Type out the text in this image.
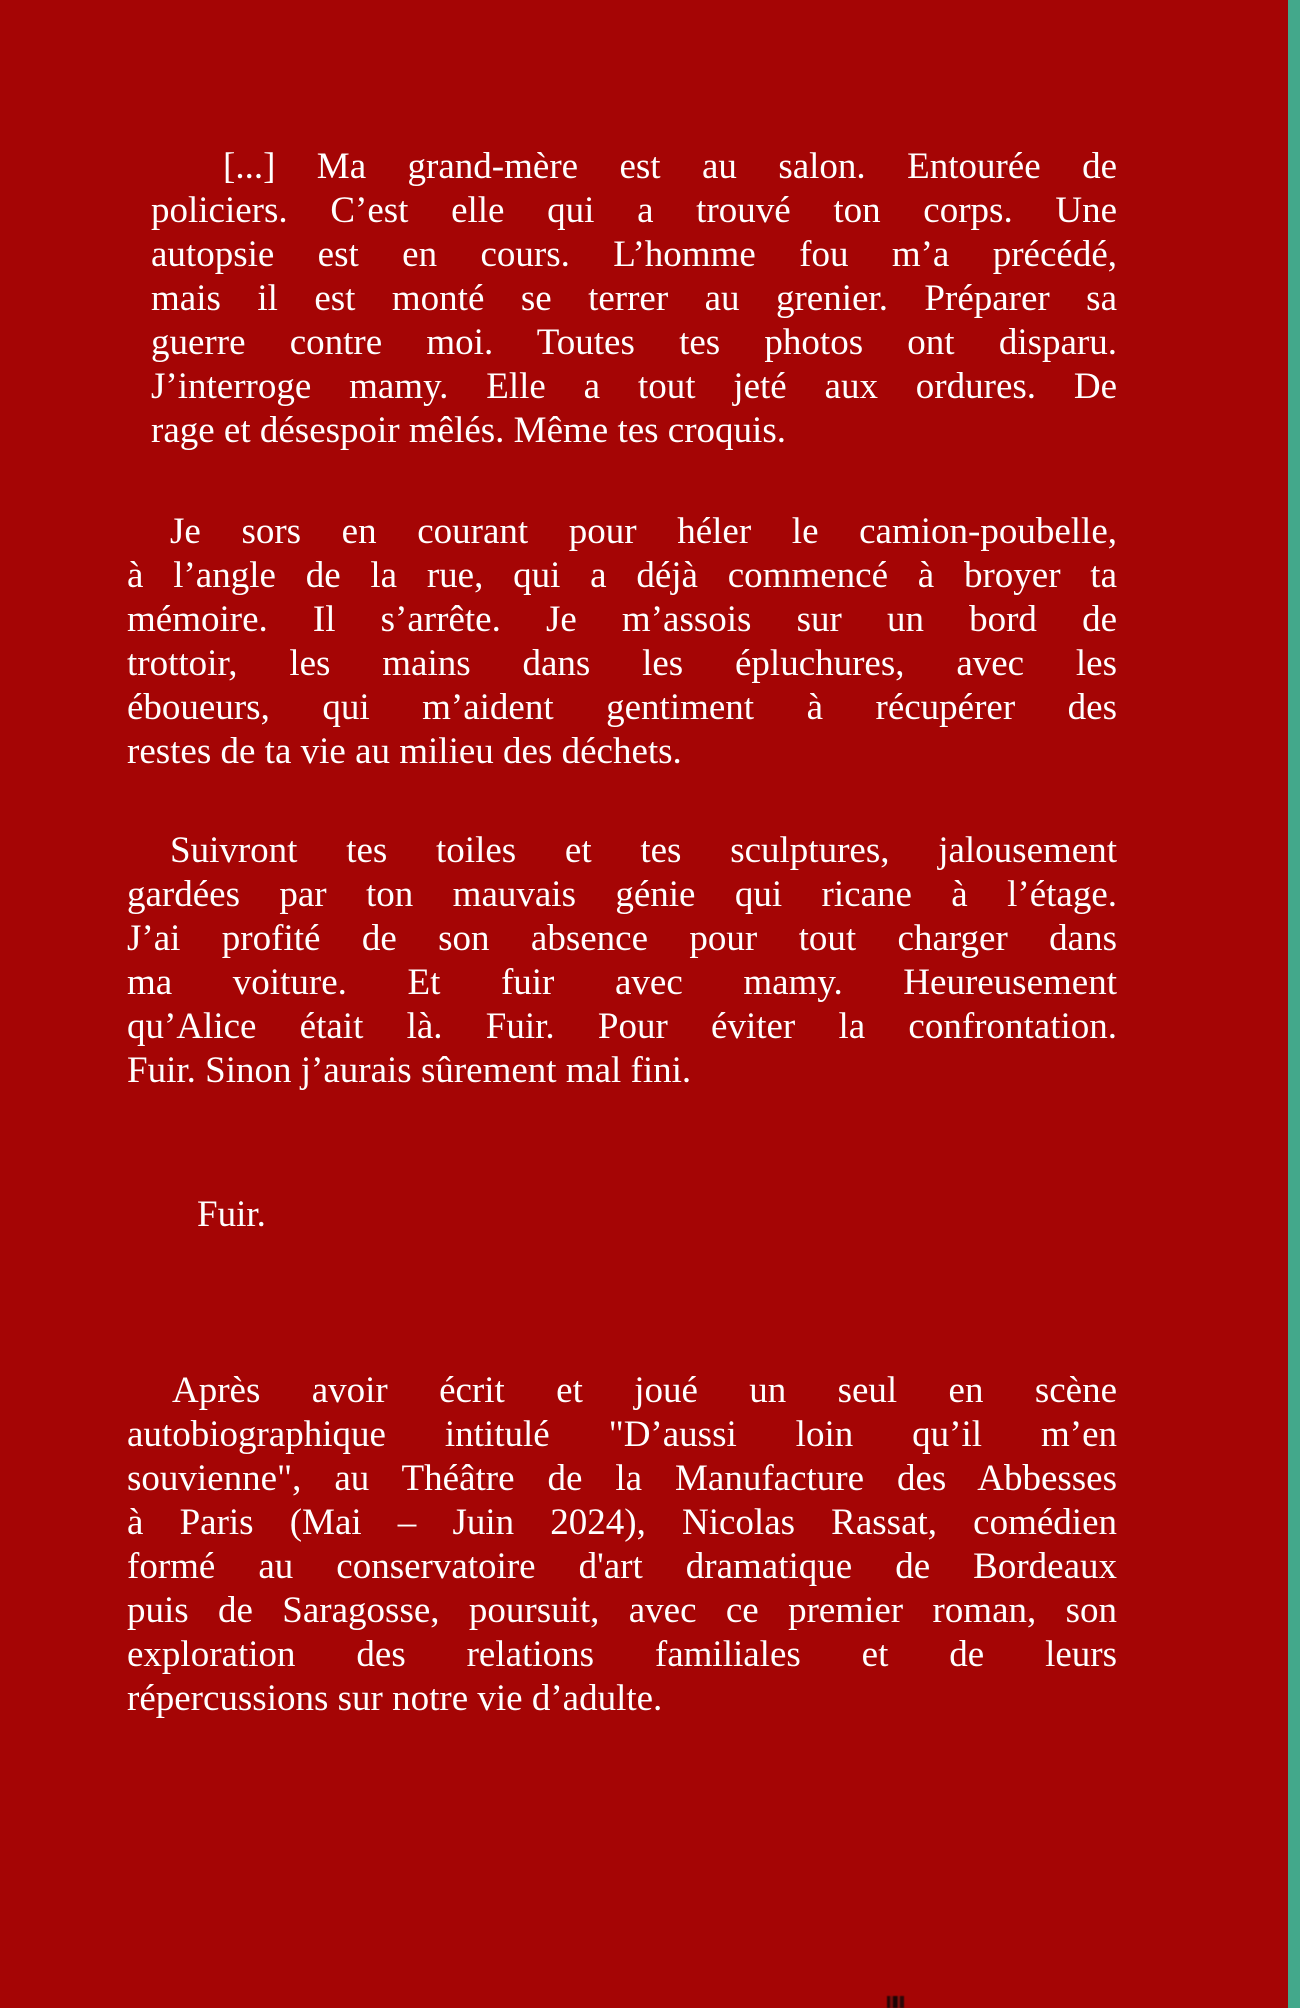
[...] Ma grand-mère est au salon. Entourée de
policiers. C’est elle qui a trouvé ton corps. Une
autopsie est en cours. L’homme fou m’a précédé,
mais il est monté se terrer au grenier. Préparer sa
guerre contre moi. Toutes tes photos ont disparu.
J’interroge mamy. Elle a tout jeté aux ordures. De
rage et désespoir mêlés. Même tes croquis.

Je sors en courant pour héler le camion-poubelle,
à l’angle de la rue, qui a déjà commencé à broyer ta
mémoire. Il s’arrête. Je m’assois sur un bord de
trottoir, les mains dans les épluchures, avec les
éboueurs, qui m’aident gentiment à récupérer des
restes de ta vie au milieu des déchets.

Suivront tes toiles et tes sculptures, jalousement
gardées par ton mauvais génie qui ricane à l’étage.
J’ai profité de son absence pour tout charger dans
ma voiture. Et fuir avec mamy. Heureusement
qu’Alice était là. Fuir. Pour éviter la confrontation.
Fuir. Sinon j’aurais sûrement mal fini.

Fuir.

Après avoir écrit et joué un seul en scène
autobiographique intitulé "D’aussi loin qu’il m’en
souvienne", au Théâtre de la Manufacture des Abbesses
à Paris (Mai – Juin 2024), Nicolas Rassat, comédien
formé au conservatoire d'art dramatique de Bordeaux
puis de Saragosse, poursuit, avec ce premier roman, son
exploration des relations familiales et de leurs
répercussions sur notre vie d’adulte.
